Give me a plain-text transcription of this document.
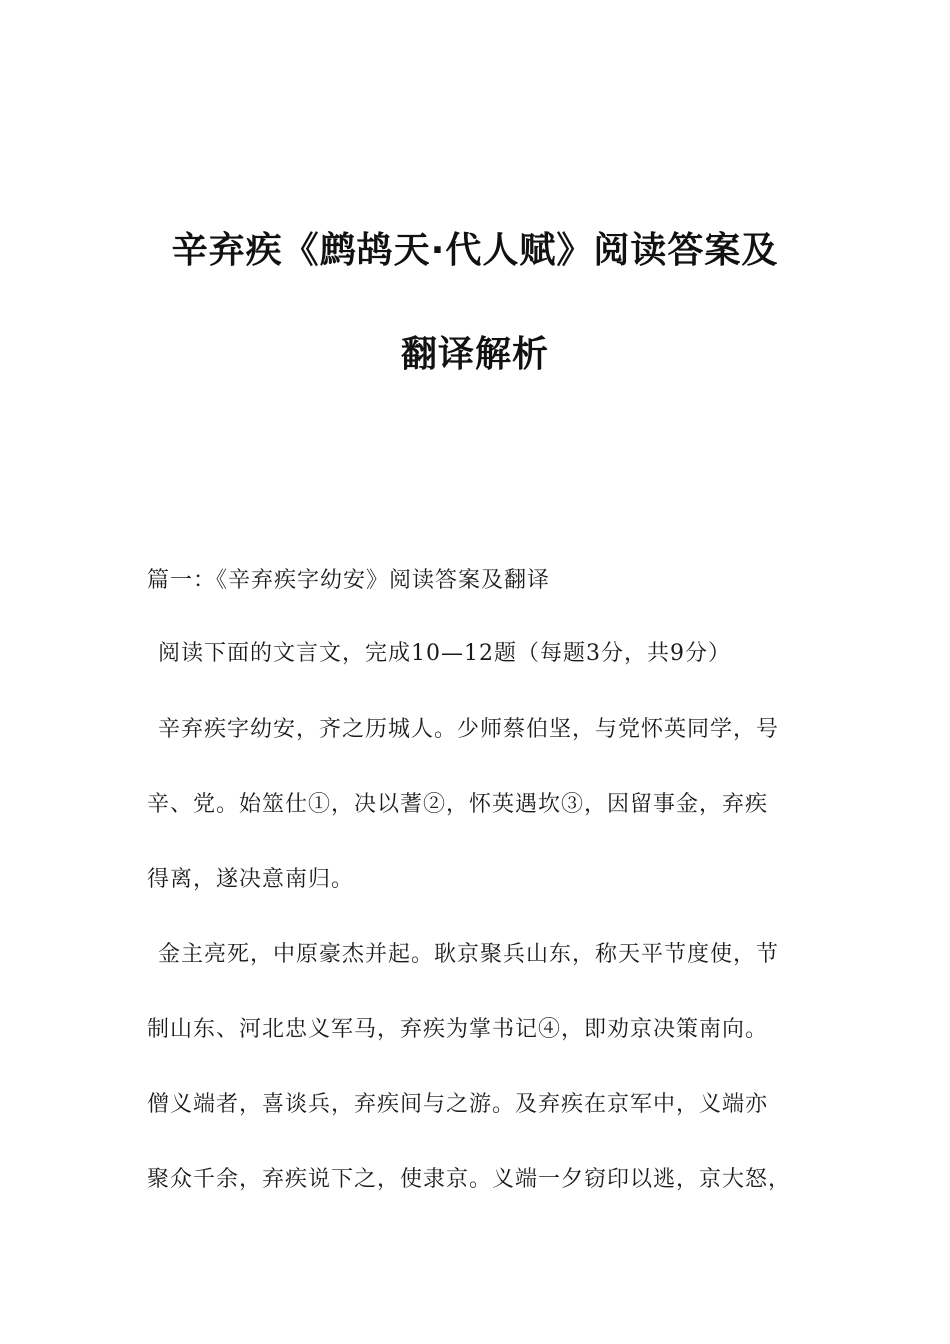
辛弃疾《鹧鸪天·代人赋》阅读答案及
翻译解析

篇一：《辛弃疾字幼安》阅读答案及翻译

阅读下面的文言文，完成10—12题（每题3分，共9分）

辛弃疾字幼安，齐之历城人。少师蔡伯坚，与党怀英同学，号

辛、党。始筮仕①，决以蓍②，怀英遇坎③，因留事金，弃疾

得离，遂决意南归。

金主亮死，中原豪杰并起。耿京聚兵山东，称天平节度使，节

制山东、河北忠义军马，弃疾为掌书记④，即劝京决策南向。

僧义端者，喜谈兵，弃疾间与之游。及弃疾在京军中，义端亦

聚众千余，弃疾说下之，使隶京。义端一夕窃印以逃，京大怒，
